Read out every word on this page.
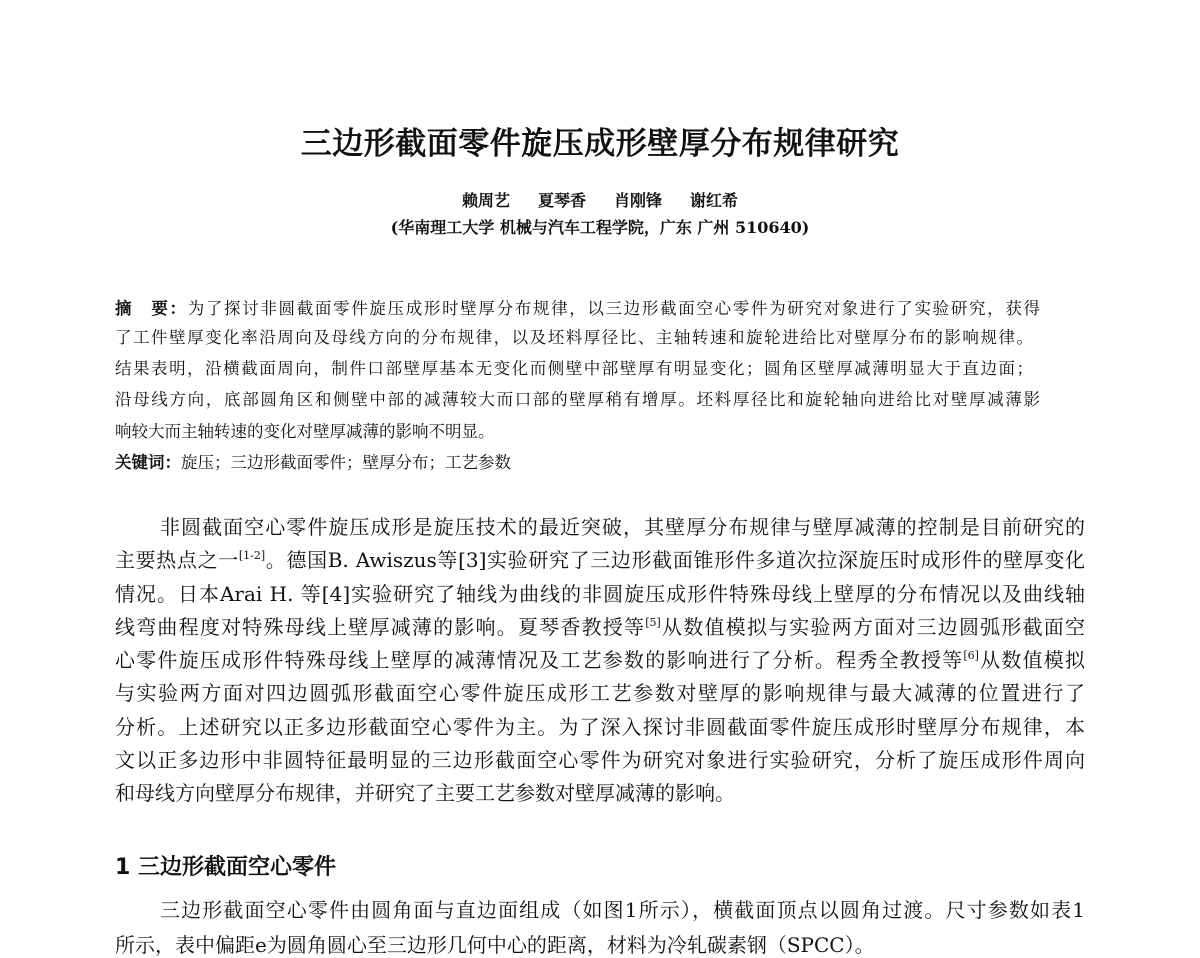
三边形截面零件旋压成形壁厚分布规律研究
赖周艺 夏琴香 肖刚锋 谢红希
(华南理工大学 机械与汽车工程学院，广东 广州 510640)
摘　要：为了探讨非圆截面零件旋压成形时壁厚分布规律，以三边形截面空心零件为研究对象进行了实验研究，获得
了工件壁厚变化率沿周向及母线方向的分布规律，以及坯料厚径比、主轴转速和旋轮进给比对壁厚分布的影响规律。
结果表明，沿横截面周向，制件口部壁厚基本无变化而侧壁中部壁厚有明显变化；圆角区壁厚减薄明显大于直边面；
沿母线方向，底部圆角区和侧壁中部的减薄较大而口部的壁厚稍有增厚。坯料厚径比和旋轮轴向进给比对壁厚减薄影
响较大而主轴转速的变化对壁厚减薄的影响不明显。
关键词：旋压；三边形截面零件；壁厚分布；工艺参数
非圆截面空心零件旋压成形是旋压技术的最近突破，其壁厚分布规律与壁厚减薄的控制是目前研究的
主要热点之一[1-2]。德国B. Awiszus等[3]实验研究了三边形截面锥形件多道次拉深旋压时成形件的壁厚变化
情况。日本Arai H. 等[4]实验研究了轴线为曲线的非圆旋压成形件特殊母线上壁厚的分布情况以及曲线轴
线弯曲程度对特殊母线上壁厚减薄的影响。夏琴香教授等[5]从数值模拟与实验两方面对三边圆弧形截面空
心零件旋压成形件特殊母线上壁厚的减薄情况及工艺参数的影响进行了分析。程秀全教授等[6]从数值模拟
与实验两方面对四边圆弧形截面空心零件旋压成形工艺参数对壁厚的影响规律与最大减薄的位置进行了
分析。上述研究以正多边形截面空心零件为主。为了深入探讨非圆截面零件旋压成形时壁厚分布规律，本
文以正多边形中非圆特征最明显的三边形截面空心零件为研究对象进行实验研究，分析了旋压成形件周向
和母线方向壁厚分布规律，并研究了主要工艺参数对壁厚减薄的影响。
1 三边形截面空心零件
三边形截面空心零件由圆角面与直边面组成（如图1所示），横截面顶点以圆角过渡。尺寸参数如表1
所示，表中偏距e为圆角圆心至三边形几何中心的距离，材料为冷轧碳素钢（SPCC）。
